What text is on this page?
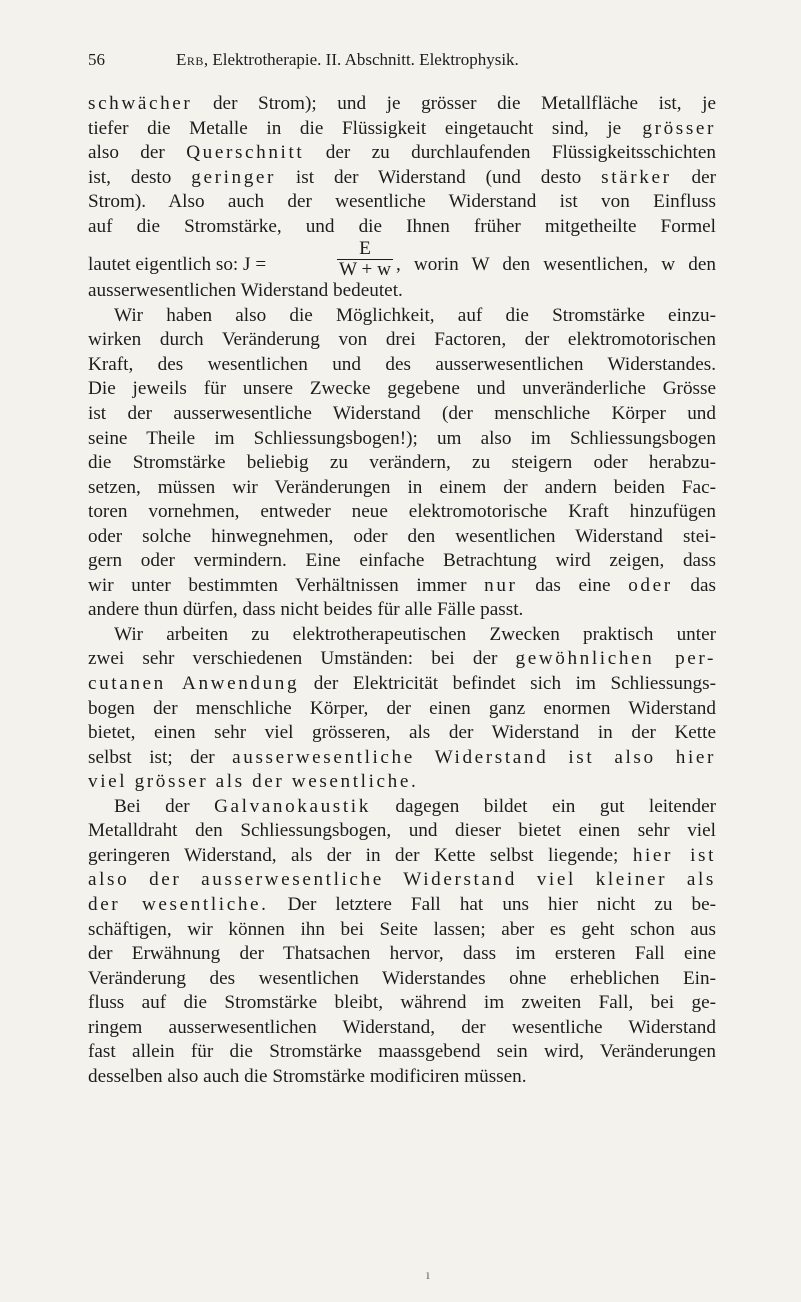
56	Erb, Elektrotherapie. II. Abschnitt. Elektrophysik.
schwächer der Strom); und je grösser die Metallfläche ist, je
tiefer die Metalle in die Flüssigkeit eingetaucht sind, je grösser
also der Querschnitt der zu durchlaufenden Flüssigkeitsschichten
ist, desto geringer ist der Widerstand (und desto stärker der
Strom). Also auch der wesentliche Widerstand ist von Einfluss
auf die Stromstärke, und die Ihnen früher mitgetheilte Formel
lautet eigentlich so: J =	$\frac{E}{W + w}$ , worin W den wesentlichen, w den
ausserwesentlichen Widerstand bedeutet.
Wir haben also die Möglichkeit, auf die Stromstärke einzu-
wirken durch Veränderung von drei Factoren, der elektromotorischen
Kraft, des wesentlichen und des ausserwesentlichen Widerstandes.
Die jeweils für unsere Zwecke gegebene und unveränderliche Grösse
ist der ausserwesentliche Widerstand (der menschliche Körper und
seine Theile im Schliessungsbogen!); um also im Schliessungsbogen
die Stromstärke beliebig zu verändern, zu steigern oder herabzu-
setzen, müssen wir Veränderungen in einem der andern beiden Fac-
toren vornehmen, entweder neue elektromotorische Kraft hinzufügen
oder solche hinwegnehmen, oder den wesentlichen Widerstand stei-
gern oder vermindern. Eine einfache Betrachtung wird zeigen, dass
wir unter bestimmten Verhältnissen immer nur das eine oder das
andere thun dürfen, dass nicht beides für alle Fälle passt.
Wir arbeiten zu elektrotherapeutischen Zwecken praktisch unter
zwei sehr verschiedenen Umständen: bei der gewöhnlichen per-
cutanen Anwendung der Elektricität befindet sich im Schliessungs-
bogen der menschliche Körper, der einen ganz enormen Widerstand
bietet, einen sehr viel grösseren, als der Widerstand in der Kette
selbst ist; der ausserwesentliche Widerstand ist also hier
viel grösser als der wesentliche.
Bei der Galvanokaustik dagegen bildet ein gut leitender
Metalldraht den Schliessungsbogen, und dieser bietet einen sehr viel
geringeren Widerstand, als der in der Kette selbst liegende; hier ist
also der ausserwesentliche Widerstand viel kleiner als
der wesentliche. Der letztere Fall hat uns hier nicht zu be-
schäftigen, wir können ihn bei Seite lassen; aber es geht schon aus
der Erwähnung der Thatsachen hervor, dass im ersteren Fall eine
Veränderung des wesentlichen Widerstandes ohne erheblichen Ein-
fluss auf die Stromstärke bleibt, während im zweiten Fall, bei ge-
ringem ausserwesentlichen Widerstand, der wesentliche Widerstand
fast allein für die Stromstärke maassgebend sein wird, Veränderungen
desselben also auch die Stromstärke modificiren müssen.
ı
